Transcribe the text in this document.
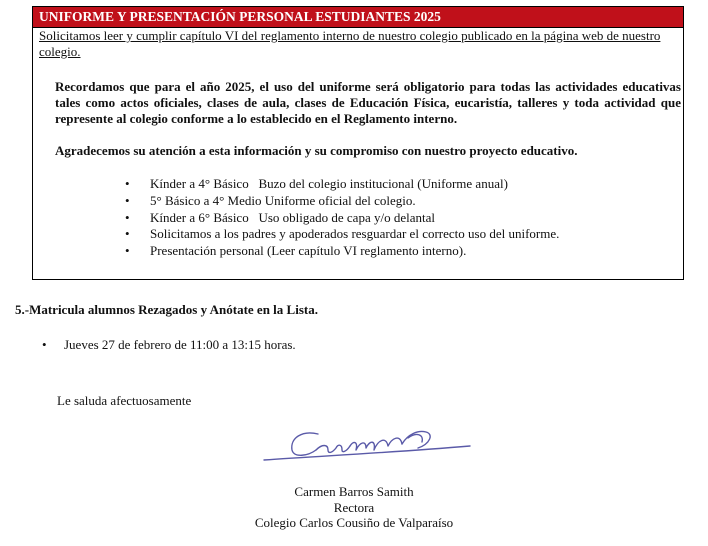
UNIFORME Y PRESENTACIÓN PERSONAL ESTUDIANTES 2025
Solicitamos leer y cumplir capítulo VI del reglamento interno de nuestro colegio publicado en la página web de nuestro colegio.
Recordamos que para el año 2025, el uso del uniforme será obligatorio para todas las actividades educativas tales como actos oficiales, clases de aula, clases de Educación Física, eucaristía, talleres y toda actividad que represente al colegio conforme a lo establecido en el Reglamento interno.
Agradecemos su atención a esta información y su compromiso con nuestro proyecto educativo.
• Kínder a 4° Básico   Buzo del colegio institucional (Uniforme anual)
• 5° Básico a 4° Medio Uniforme oficial del colegio.
• Kínder a 6° Básico   Uso obligado de capa y/o delantal
• Solicitamos a los padres y apoderados resguardar el correcto uso del uniforme.
• Presentación personal (Leer capítulo VI reglamento interno).
5.-Matricula alumnos Rezagados y Anótate en la Lista.
• Jueves 27 de febrero de 11:00 a 13:15 horas.
Le saluda afectuosamente
Carmen Barros Samith
Rectora
Colegio Carlos Cousiño de Valparaíso
